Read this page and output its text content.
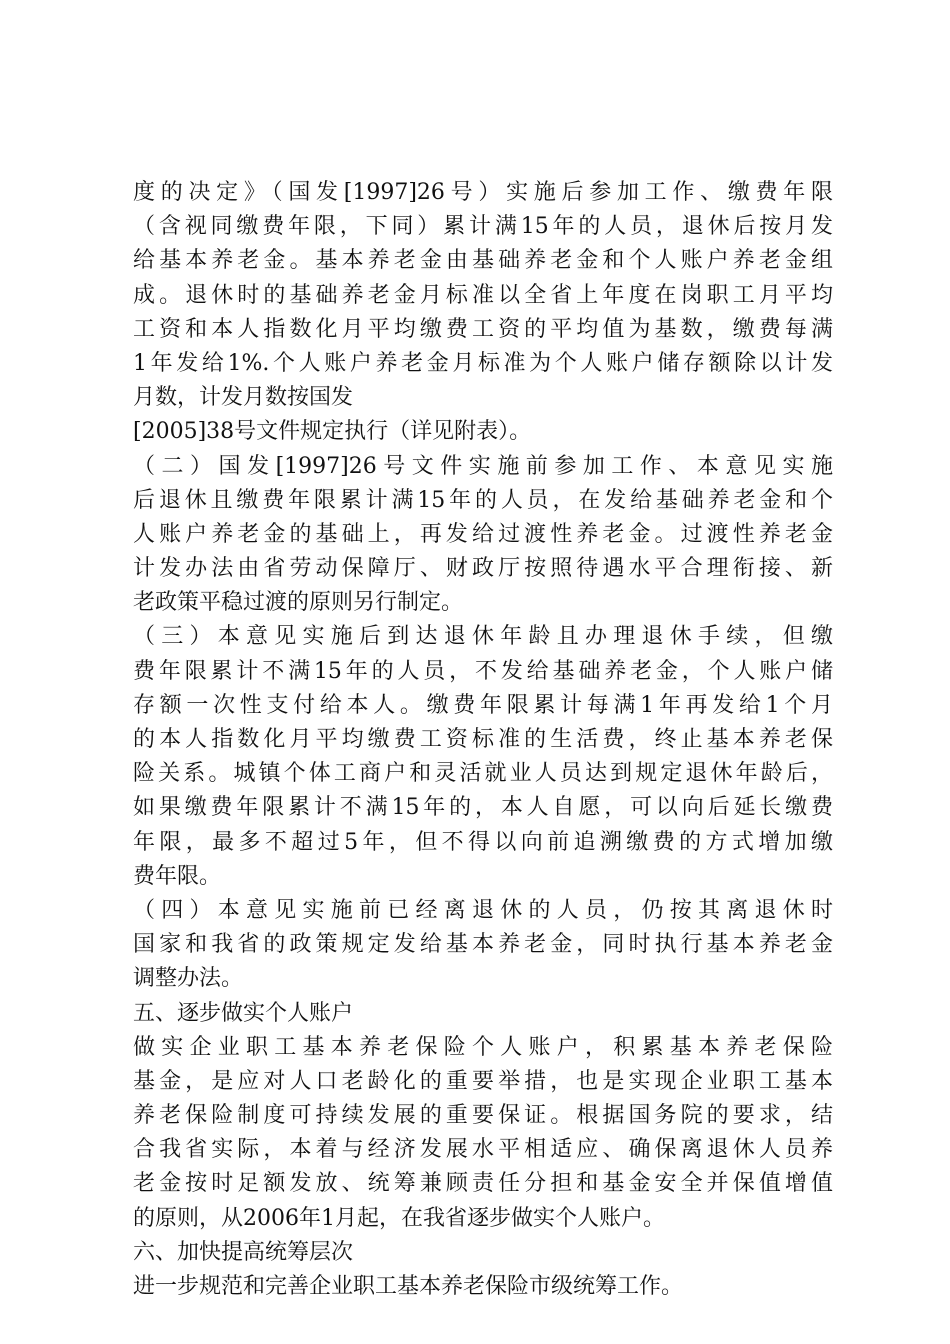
度的决定》（国发[1997]26号）实施后参加工作、缴费年限
（含视同缴费年限，下同）累计满15年的人员，退休后按月发
给基本养老金。基本养老金由基础养老金和个人账户养老金组
成。退休时的基础养老金月标准以全省上年度在岗职工月平均
工资和本人指数化月平均缴费工资的平均值为基数，缴费每满
1年发给1%.个人账户养老金月标准为个人账户储存额除以计发
月数，计发月数按国发
[2005]38号文件规定执行（详见附表）。
（二）国发[1997]26号文件实施前参加工作、本意见实施
后退休且缴费年限累计满15年的人员，在发给基础养老金和个
人账户养老金的基础上，再发给过渡性养老金。过渡性养老金
计发办法由省劳动保障厅、财政厅按照待遇水平合理衔接、新
老政策平稳过渡的原则另行制定。
（三）本意见实施后到达退休年龄且办理退休手续，但缴
费年限累计不满15年的人员，不发给基础养老金，个人账户储
存额一次性支付给本人。缴费年限累计每满1年再发给1个月
的本人指数化月平均缴费工资标准的生活费，终止基本养老保
险关系。城镇个体工商户和灵活就业人员达到规定退休年龄后，
如果缴费年限累计不满15年的，本人自愿，可以向后延长缴费
年限，最多不超过5年，但不得以向前追溯缴费的方式增加缴
费年限。
（四）本意见实施前已经离退休的人员，仍按其离退休时
国家和我省的政策规定发给基本养老金，同时执行基本养老金
调整办法。
五、逐步做实个人账户
做实企业职工基本养老保险个人账户，积累基本养老保险
基金，是应对人口老龄化的重要举措，也是实现企业职工基本
养老保险制度可持续发展的重要保证。根据国务院的要求，结
合我省实际，本着与经济发展水平相适应、确保离退休人员养
老金按时足额发放、统筹兼顾责任分担和基金安全并保值增值
的原则，从2006年1月起，在我省逐步做实个人账户。
六、加快提高统筹层次
进一步规范和完善企业职工基本养老保险市级统筹工作。
